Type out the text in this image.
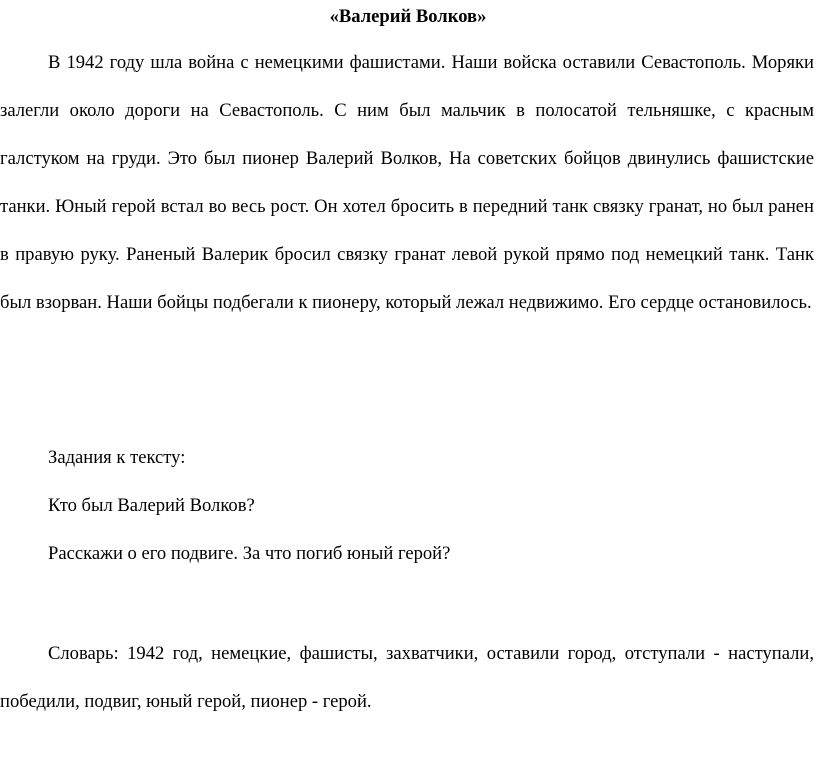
«Валерий Волков»

В 1942 году шла война с немецкими фашистами. Наши войска оставили Севастополь. Моряки залегли около дороги на Севастополь. С ним был мальчик в полосатой тельняшке, с красным галстуком на груди. Это был пионер Валерий Волков, На советских бойцов двинулись фашистские танки. Юный герой встал во весь рост. Он хотел бросить в передний танк связку гранат, но был ранен в правую руку. Раненый Валерик бросил связку гранат левой рукой прямо под немецкий танк. Танк был взорван. Наши бойцы подбегали к пионеру, который лежал недвижимо. Его сердце остановилось.

Задания к тексту:

Кто был Валерий Волков?

Расскажи о его подвиге. За что погиб юный герой?

Словарь: 1942 год, немецкие, фашисты, захватчики, оставили город, отступали - наступали, победили, подвиг, юный герой, пионер - герой.
